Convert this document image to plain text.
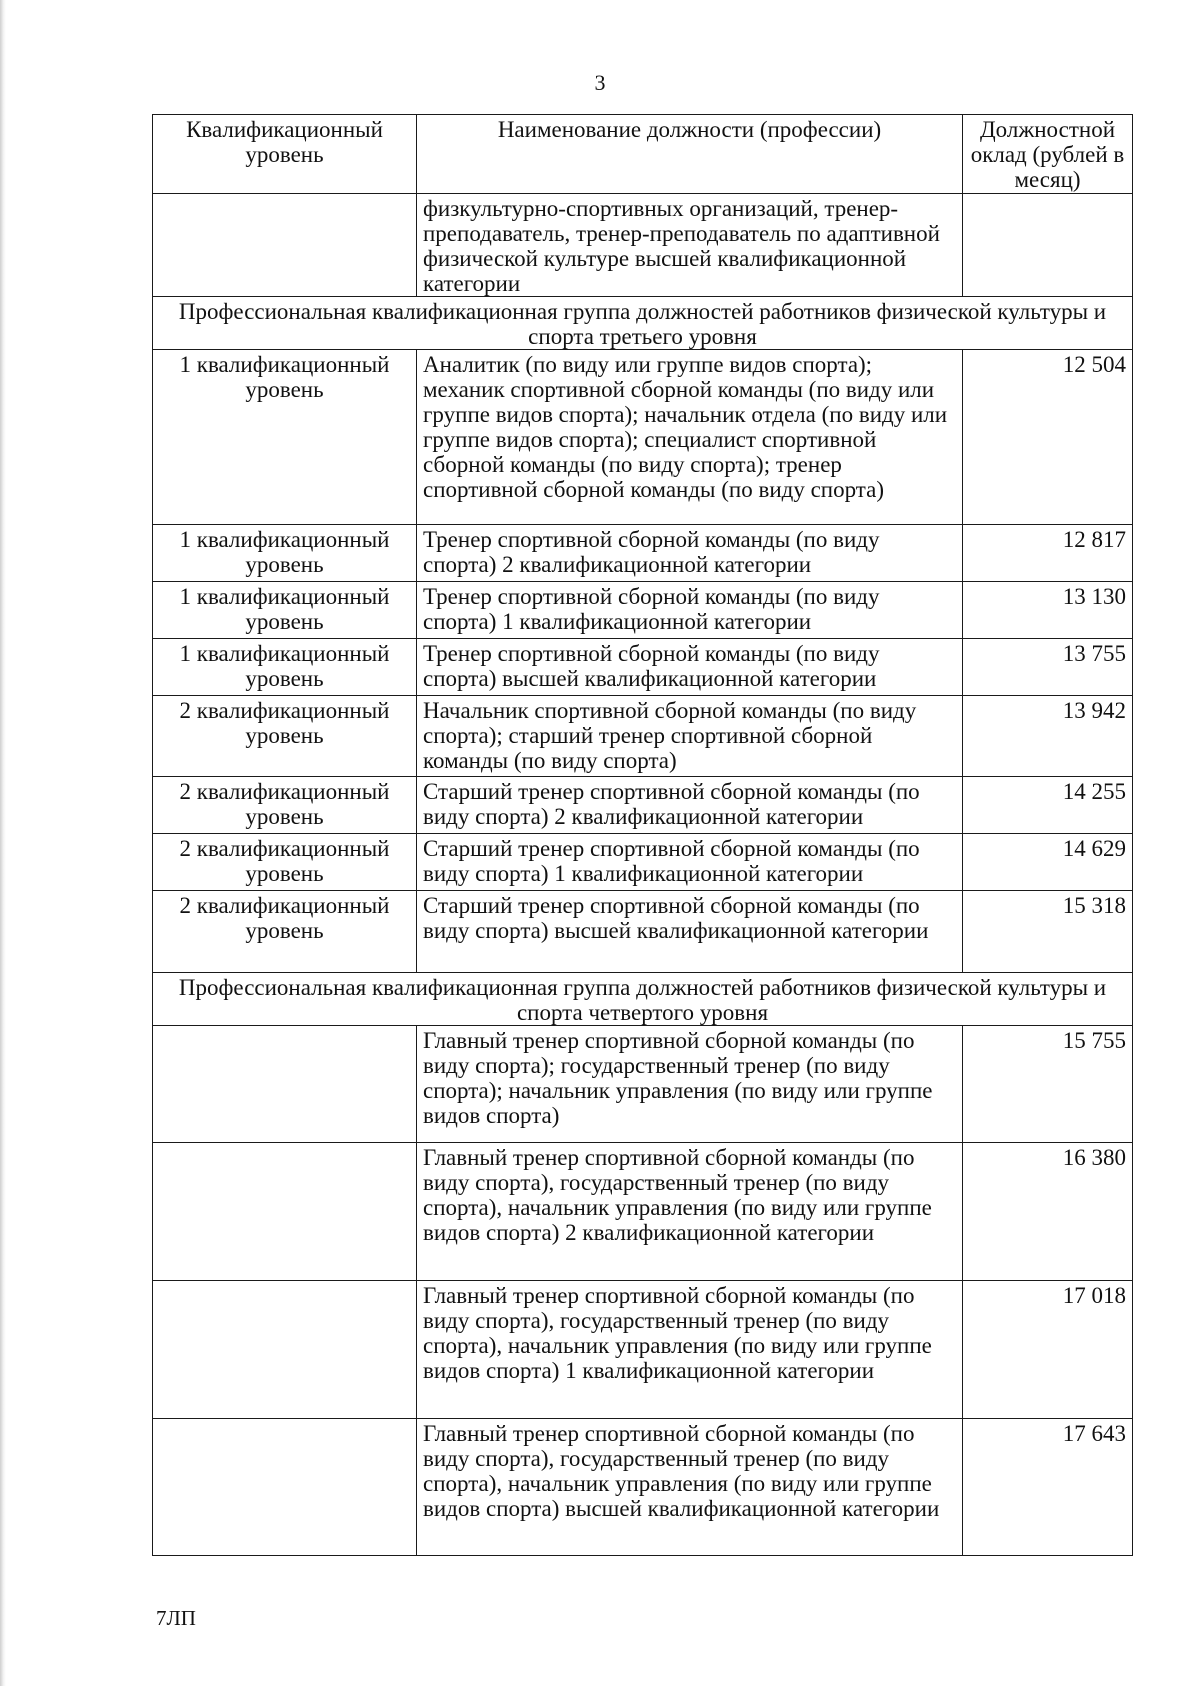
3
Квалификационный уровень	Наименование должности (профессии)	Должностной оклад (рублей в месяц)
	физкультурно-спортивных организаций, тренер-преподаватель, тренер-преподаватель по адаптивной физической культуре высшей квалификационной категории	
Профессиональная квалификационная группа должностей работников физической культуры и спорта третьего уровня		
1 квалификационный уровень	Аналитик (по виду или группе видов спорта); механик спортивной сборной команды (по виду или группе видов спорта); начальник отдела (по виду или группе видов спорта); специалист спортивной сборной команды (по виду спорта); тренер спортивной сборной команды (по виду спорта)	12 504
1 квалификационный уровень	Тренер спортивной сборной команды (по виду спорта) 2 квалификационной категории	12 817
1 квалификационный уровень	Тренер спортивной сборной команды (по виду спорта) 1 квалификационной категории	13 130
1 квалификационный уровень	Тренер спортивной сборной команды (по виду спорта) высшей квалификационной категории	13 755
2 квалификационный уровень	Начальник спортивной сборной команды (по виду спорта); старший тренер спортивной сборной команды (по виду спорта)	13 942
2 квалификационный уровень	Старший тренер спортивной сборной команды (по виду спорта) 2 квалификационной категории	14 255
2 квалификационный уровень	Старший тренер спортивной сборной команды (по виду спорта) 1 квалификационной категории	14 629
2 квалификационный уровень	Старший тренер спортивной сборной команды (по виду спорта) высшей квалификационной категории	15 318
Профессиональная квалификационная группа должностей работников физической культуры и спорта четвертого уровня		
	Главный тренер спортивной сборной команды (по виду спорта); государственный тренер (по виду спорта); начальник управления (по виду или группе видов спорта)	15 755
	Главный тренер спортивной сборной команды (по виду спорта), государственный тренер (по виду спорта), начальник управления (по виду или группе видов спорта) 2 квалификационной категории	16 380
	Главный тренер спортивной сборной команды (по виду спорта), государственный тренер (по виду спорта), начальник управления (по виду или группе видов спорта) 1 квалификационной категории	17 018
	Главный тренер спортивной сборной команды (по виду спорта), государственный тренер (по виду спорта), начальник управления (по виду или группе видов спорта) высшей квалификационной категории	17 643
7ЛП
